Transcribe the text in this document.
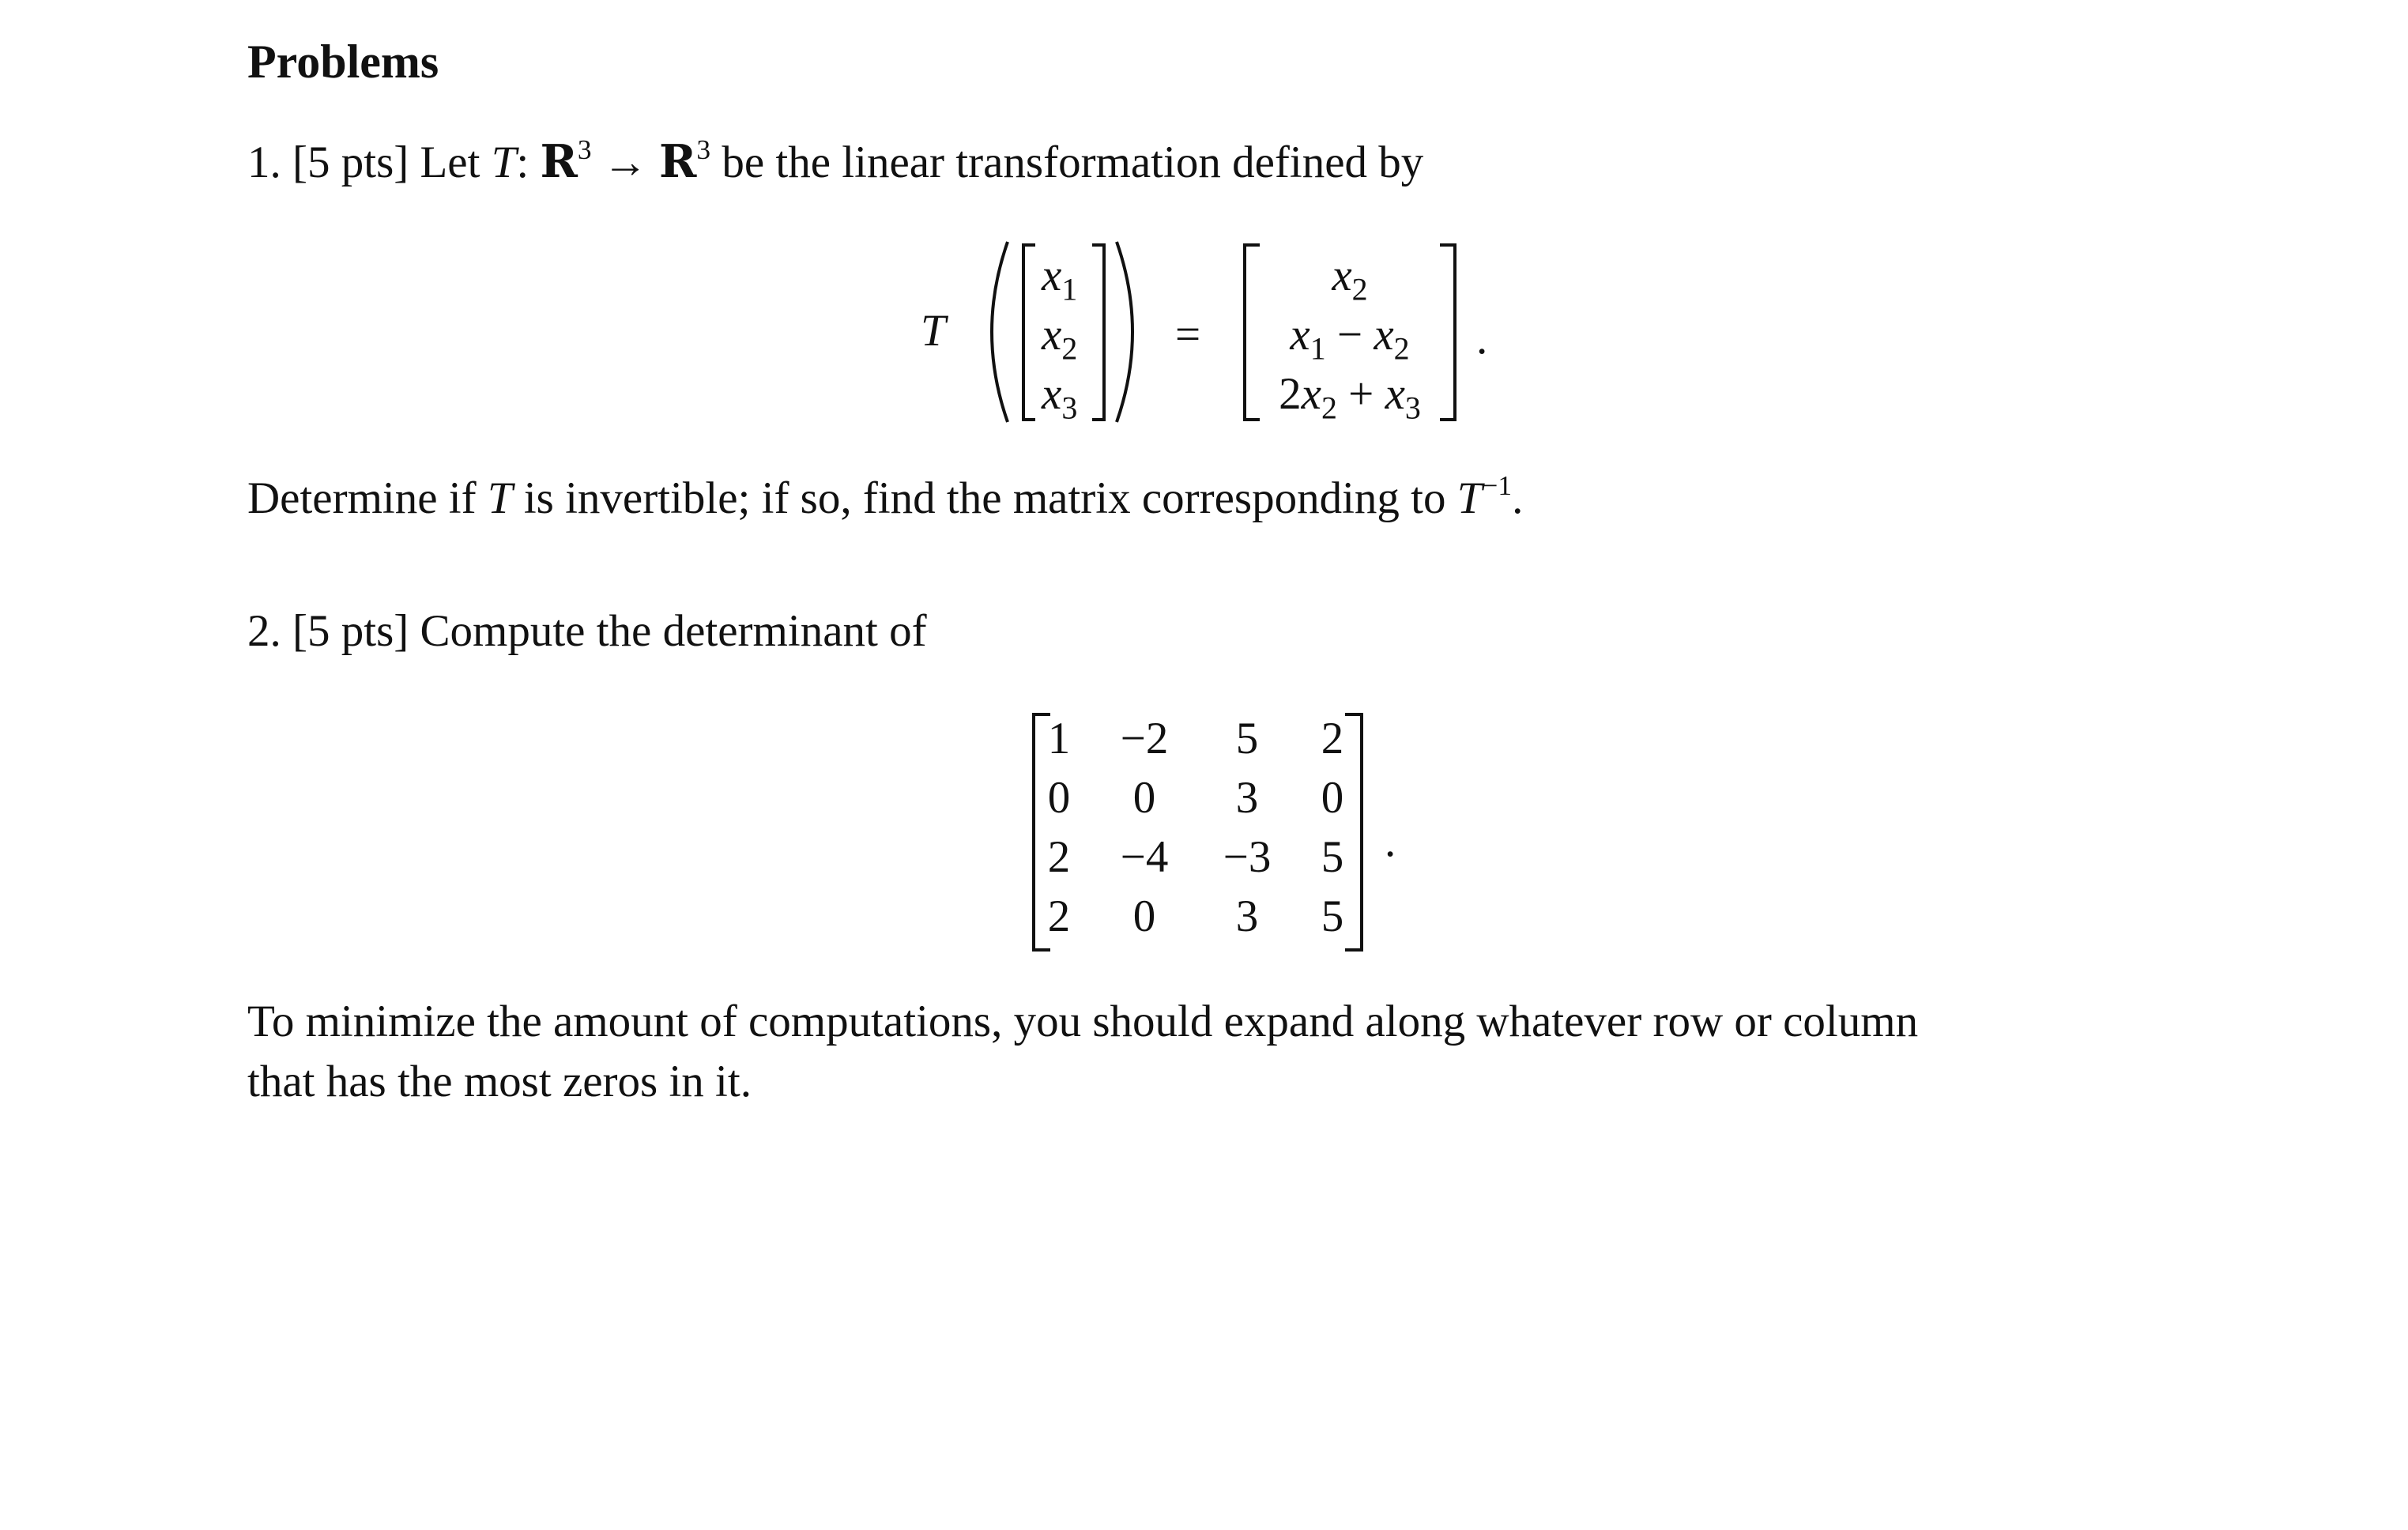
Problems
1. [5 pts] Let T: $R^3 \to R^3$ be the linear transformation defined by
T
$x_1$
$x_2$
$x_3$
=
$x_2$
$x_1 - x_2$
$2x_2 + x_3$
.
Determine if T is invertible; if so, find the matrix corresponding to $T^{-1}$.
2. [5 pts] Compute the determinant of
1	−2	5	2
0	0	3	0
2	−4	−3	5
2	0	3	5
.
To minimize the amount of computations, you should expand along whatever row or column
that has the most zeros in it.
